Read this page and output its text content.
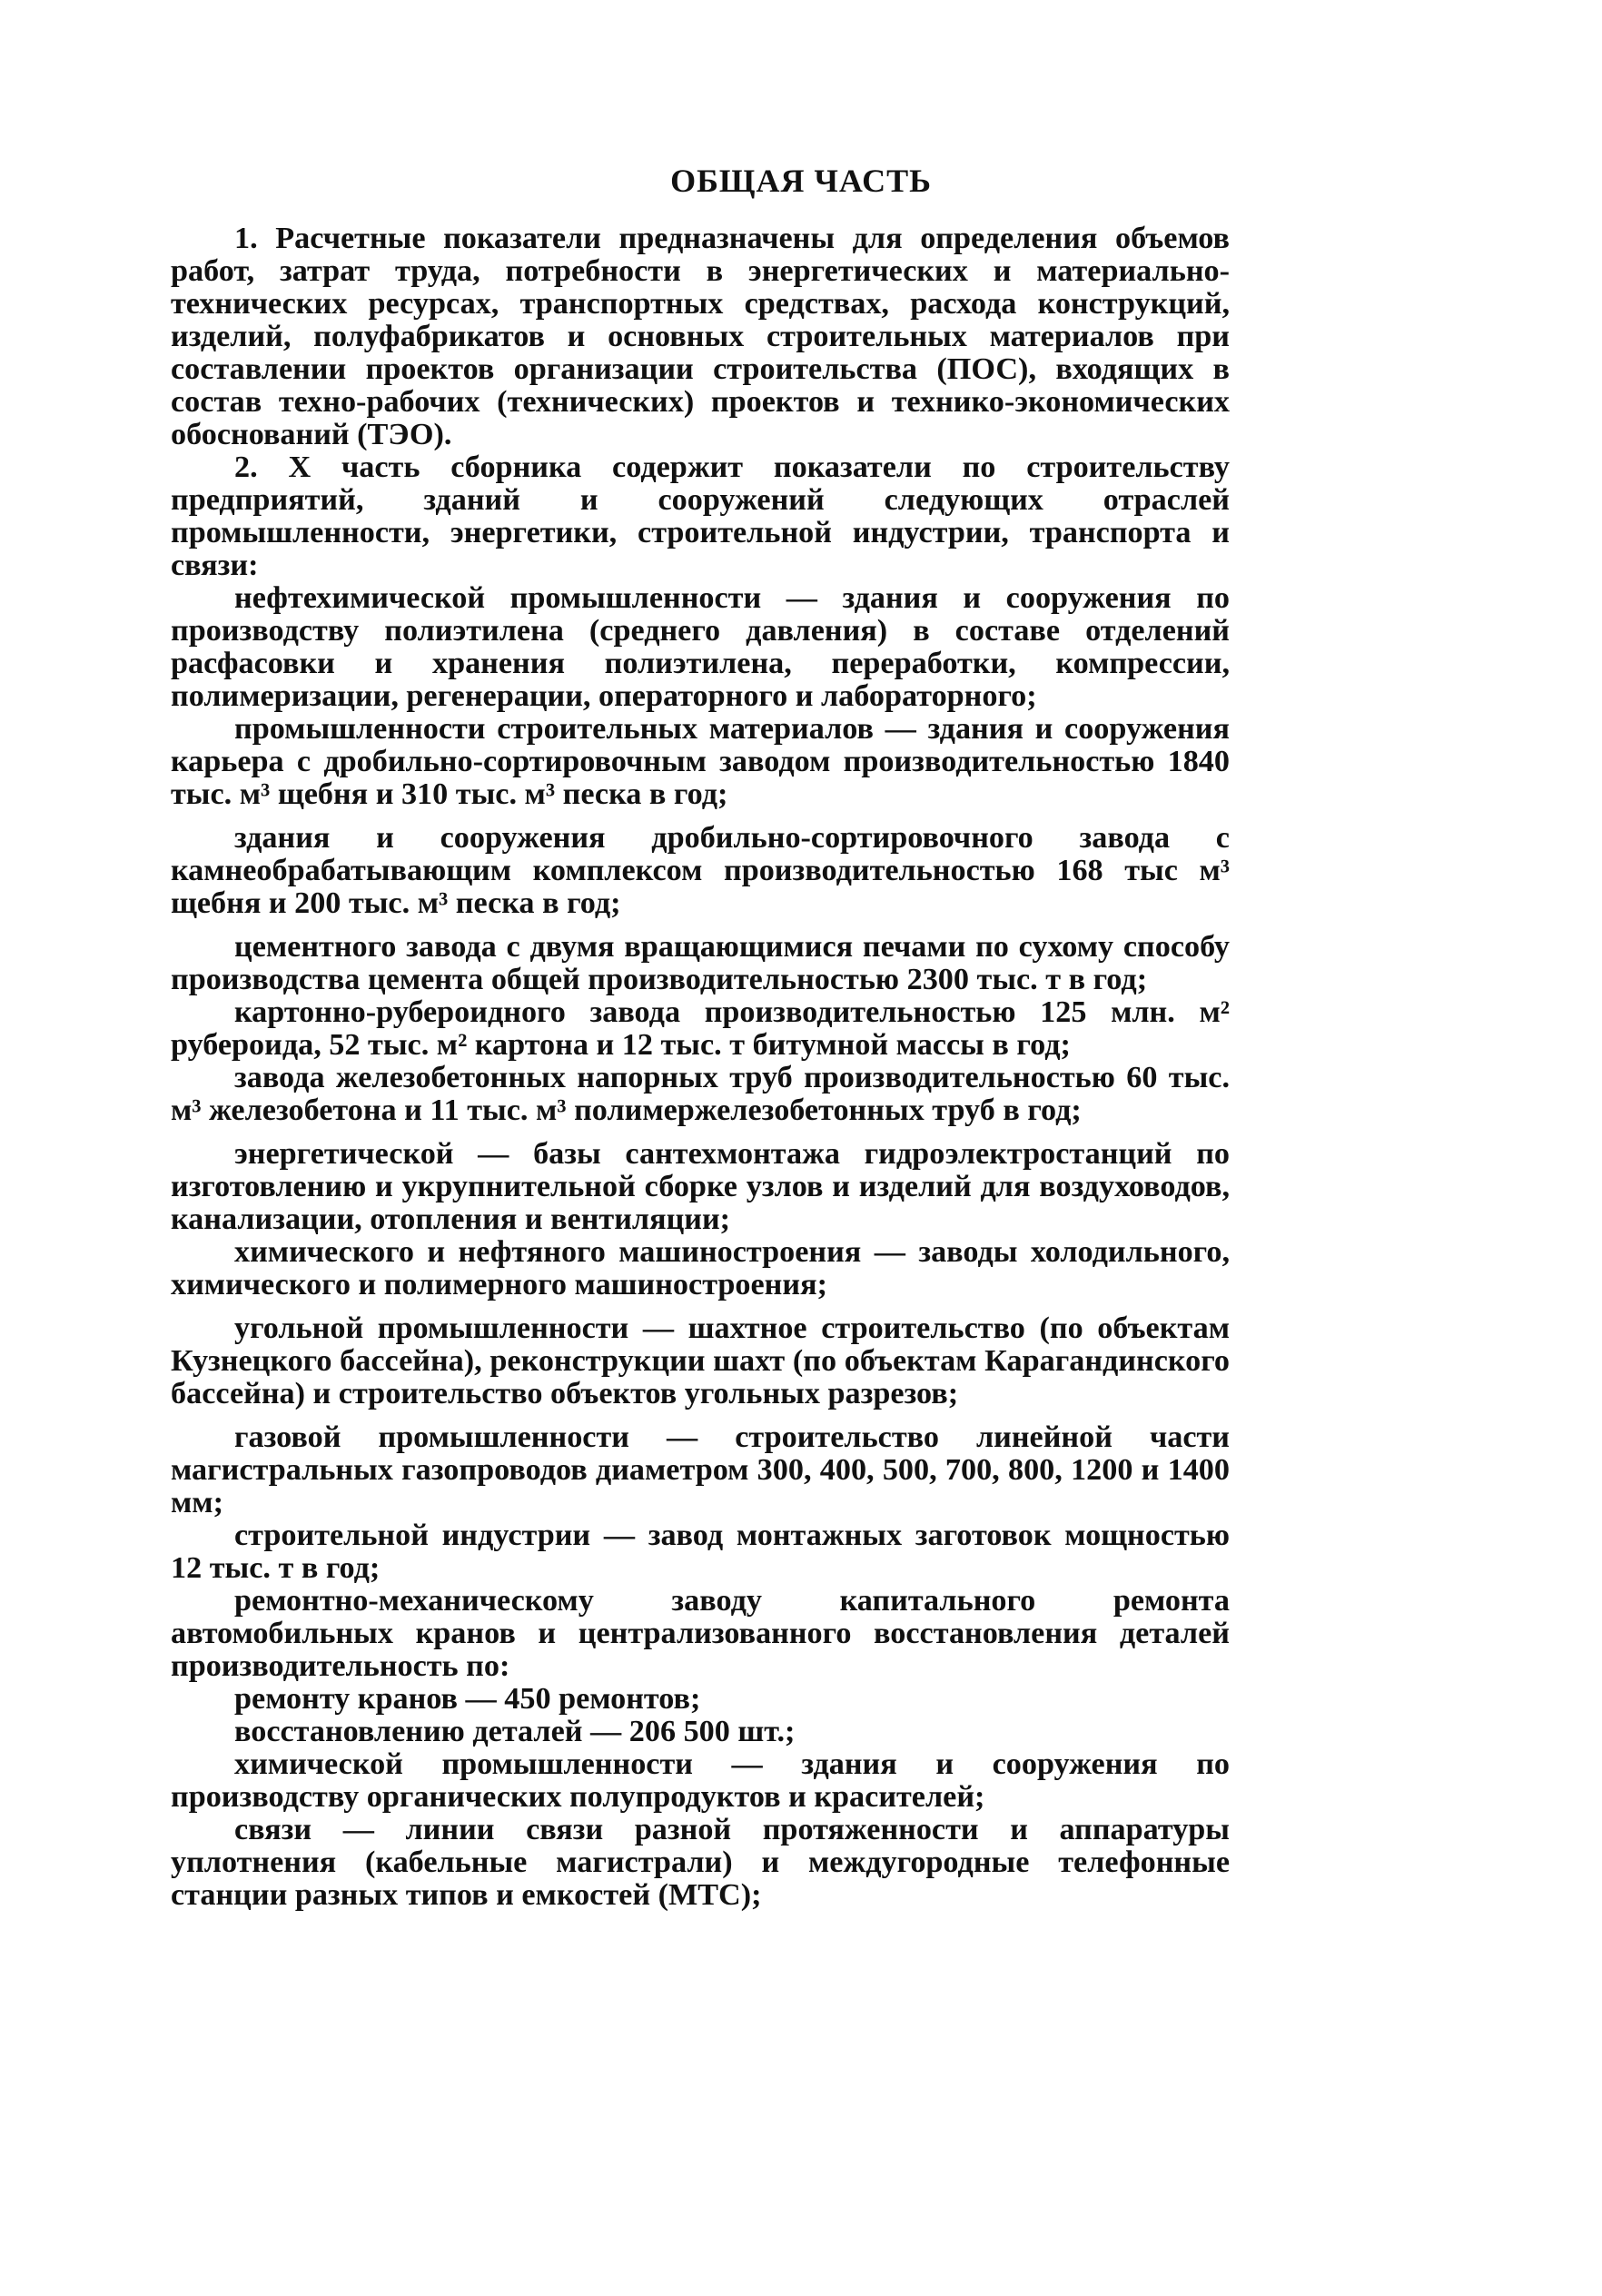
ОБЩАЯ ЧАСТЬ

1. Расчетные показатели предназначены для определения объемов работ, затрат труда, потребности в энергетических и материально-технических ресурсах, транспортных средствах, расхода конструкций, изделий, полуфабрикатов и основных строительных материалов при составлении проектов организации строительства (ПОС), входящих в состав техно-рабочих (технических) проектов и технико-экономических обоснований (ТЭО).

2. X часть сборника содержит показатели по строительству предприятий, зданий и сооружений следующих отраслей промышленности, энергетики, строительной индустрии, транспорта и связи:

нефтехимической промышленности — здания и сооружения по производству полиэтилена (среднего давления) в составе отделений расфасовки и хранения полиэтилена, переработки, компрессии, полимеризации, регенерации, операторного и лабораторного;

промышленности строительных материалов — здания и сооружения карьера с дробильно-сортировочным заводом производительностью 1840 тыс. м³ щебня и 310 тыс. м³ песка в год;

здания и сооружения дробильно-сортировочного завода с камнеобрабатывающим комплексом производительностью 168 тыс м³ щебня и 200 тыс. м³ песка в год;

цементного завода с двумя вращающимися печами по сухому способу производства цемента общей производительностью 2300 тыс. т в год;

картонно-рубероидного завода производительностью 125 млн. м² рубероида, 52 тыс. м² картона и 12 тыс. т битумной массы в год;

завода железобетонных напорных труб производительностью 60 тыс. м³ железобетона и 11 тыс. м³ полимержелезобетонных труб в год;

энергетической — базы сантехмонтажа гидроэлектростанций по изготовлению и укрупнительной сборке узлов и изделий для воздуховодов, канализации, отопления и вентиляции;

химического и нефтяного машиностроения — заводы холодильного, химического и полимерного машиностроения;

угольной промышленности — шахтное строительство (по объектам Кузнецкого бассейна), реконструкции шахт (по объектам Карагандинского бассейна) и строительство объектов угольных разрезов;

газовой промышленности — строительство линейной части магистральных газопроводов диаметром 300, 400, 500, 700, 800, 1200 и 1400 мм;

строительной индустрии — завод монтажных заготовок мощностью 12 тыс. т в год;

ремонтно-механическому заводу капитального ремонта автомобильных кранов и централизованного восстановления деталей производительность по:

ремонту кранов — 450 ремонтов;

восстановлению деталей — 206 500 шт.;

химической промышленности — здания и сооружения по производству органических полупродуктов и красителей;

связи — линии связи разной протяженности и аппаратуры уплотнения (кабельные магистрали) и междугородные телефонные станции разных типов и емкостей (МТС);
